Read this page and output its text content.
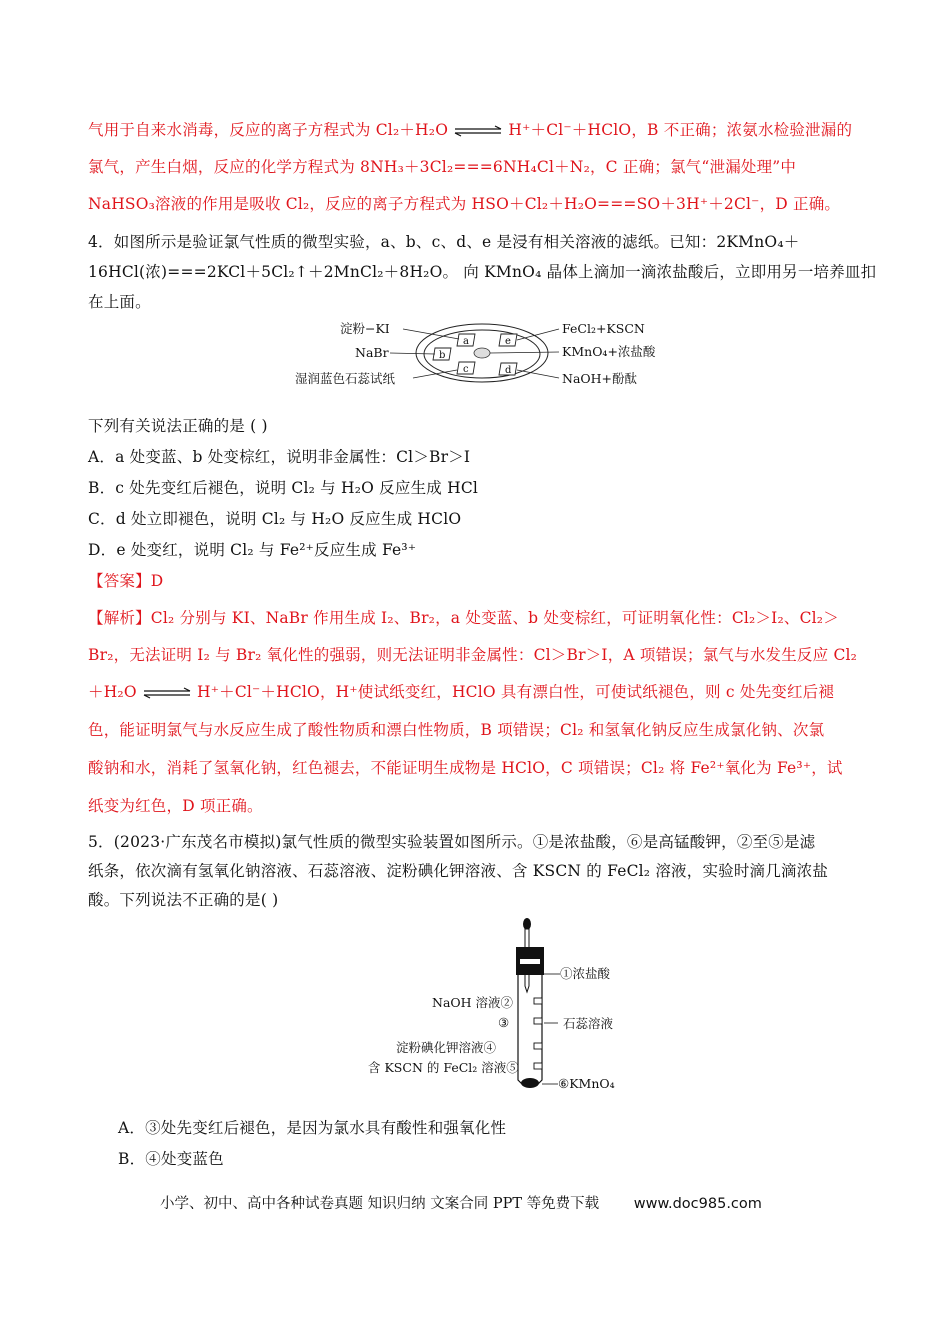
气用于自来水消毒，反应的离子方程式为 Cl₂＋H₂O ⇌ H⁺＋Cl⁻＋HClO，B 不正确；浓氨水检验泄漏的
氯气，产生白烟，反应的化学方程式为 8NH₃＋3Cl₂===6NH₄Cl＋N₂，C 正确；氯气“泄漏处理”中
NaHSO₃溶液的作用是吸收 Cl₂，反应的离子方程式为 HSO＋Cl₂＋H₂O===SO＋3H⁺＋2Cl⁻，D 正确。
4．如图所示是验证氯气性质的微型实验，a、b、c、d、e 是浸有相关溶液的滤纸。已知：2KMnO₄＋
16HCl(浓)===2KCl＋5Cl₂↑＋2MnCl₂＋8H₂O。 向 KMnO₄ 晶体上滴加一滴浓盐酸后，立即用另一培养皿扣
在上面。
a
b
c	d
e
淀粉−KI
NaBr
湿润蓝色石蕊试纸
FeCl₂+KSCN
KMnO₄+浓盐酸
NaOH+酚酞
下列有关说法正确的是 ( )
A．a 处变蓝、b 处变棕红，说明非金属性：Cl＞Br＞I
B．c 处先变红后褪色，说明 Cl₂ 与 H₂O 反应生成 HCl
C．d 处立即褪色，说明 Cl₂ 与 H₂O 反应生成 HClO
D．e 处变红，说明 Cl₂ 与 Fe²⁺反应生成 Fe³⁺
【答案】D
【解析】Cl₂ 分别与 KI、NaBr 作用生成 I₂、Br₂，a 处变蓝、b 处变棕红，可证明氧化性：Cl₂＞I₂、Cl₂＞
Br₂，无法证明 I₂ 与 Br₂ 氧化性的强弱，则无法证明非金属性：Cl＞Br＞I，A 项错误；氯气与水发生反应 Cl₂
＋H₂O ⇌ H⁺＋Cl⁻＋HClO，H⁺使试纸变红，HClO 具有漂白性，可使试纸褪色，则 c 处先变红后褪
色，能证明氯气与水反应生成了酸性物质和漂白性物质，B 项错误；Cl₂ 和氢氧化钠反应生成氯化钠、次氯
酸钠和水，消耗了氢氧化钠，红色褪去，不能证明生成物是 HClO，C 项错误；Cl₂ 将 Fe²⁺氧化为 Fe³⁺，试
纸变为红色，D 项正确。
5．(2023·广东茂名市模拟)氯气性质的微型实验装置如图所示。①是浓盐酸，⑥是高锰酸钾，②至⑤是滤
纸条，依次滴有氢氧化钠溶液、石蕊溶液、淀粉碘化钾溶液、含 KSCN 的 FeCl₂ 溶液，实验时滴几滴浓盐
酸。下列说法不正确的是( )
①浓盐酸
NaOH 溶液②
③	石蕊溶液
淀粉碘化钾溶液④
含 KSCN 的 FeCl₂ 溶液⑤
⑥KMnO₄
A．③处先变红后褪色，是因为氯水具有酸性和强氧化性
B．④处变蓝色
小学、初中、高中各种试卷真题 知识归纳 文案合同 PPT 等免费下载 www.doc985.com
